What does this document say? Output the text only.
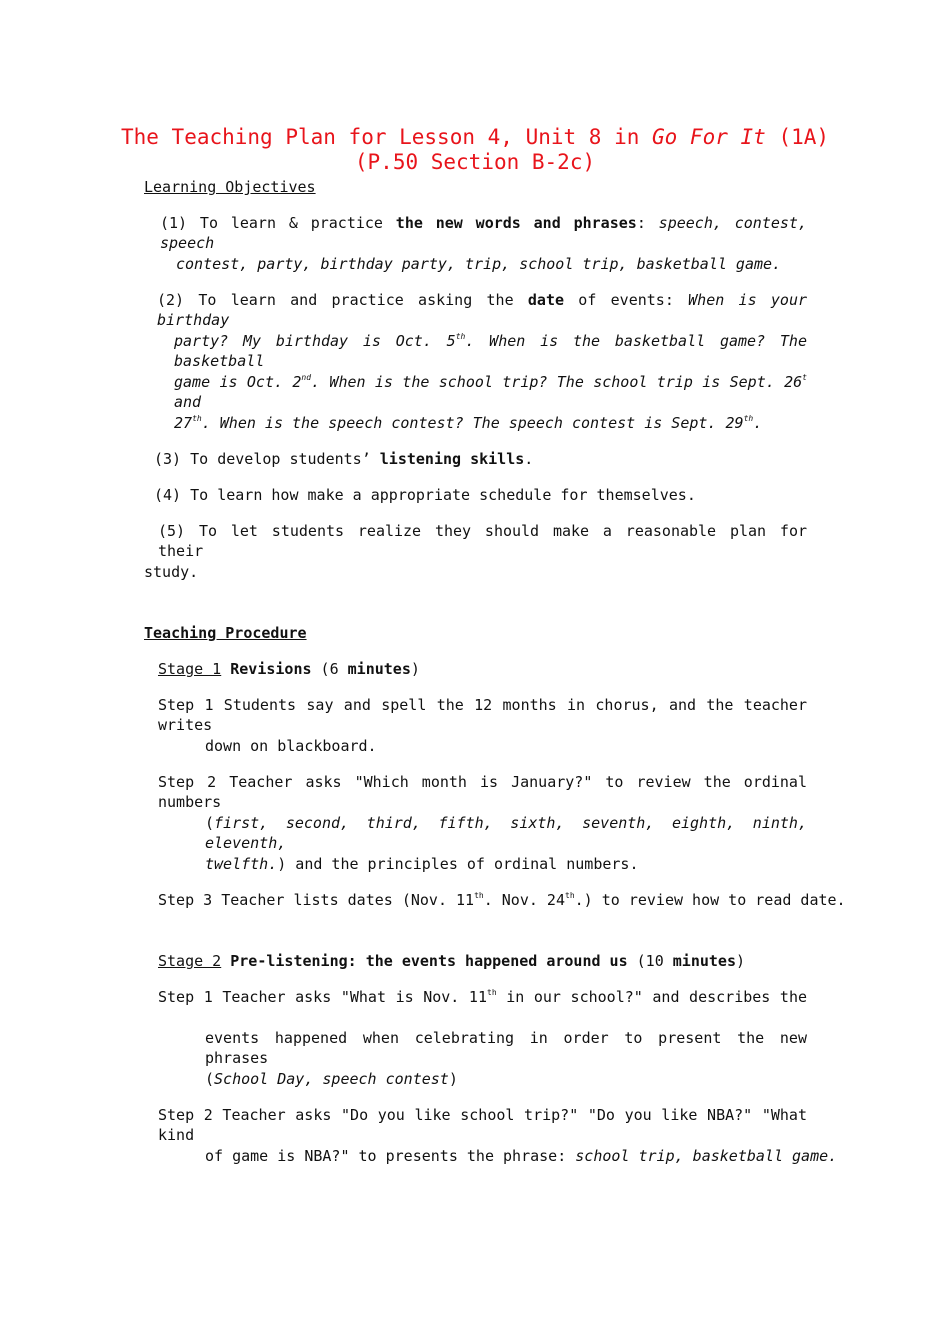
The Teaching Plan for Lesson 4, Unit 8 in Go For It (1A)
(P.50 Section B-2c)
Learning Objectives
(1) To learn & practice the new words and phrases: speech, contest, speech
contest, party, birthday party, trip, school trip, basketball game.
(2) To learn and practice asking the date of events: When is your birthday
party? My birthday is Oct. 5th. When is the basketball game? The basketball
game is Oct. 2nd. When is the school trip? The school trip is Sept. 26$^t$ and
27th. When is the speech contest? The speech contest is Sept. 29th.
(3) To develop students’ listening skills.
(4) To learn how make a appropriate schedule for themselves.
(5) To let students realize they should make a reasonable plan for their
study.
Teaching Procedure
Stage 1 Revisions (6 minutes)
Step 1 Students say and spell the 12 months in chorus, and the teacher writes
down on blackboard.
Step 2 Teacher asks "Which month is January?" to review the ordinal numbers
(first, second, third, fifth, sixth, seventh, eighth, ninth, eleventh,
twelfth.) and the principles of ordinal numbers.
Step 3 Teacher lists dates (Nov. 11th. Nov. 24th.) to review how to read date.
Stage 2 Pre-listening: the events happened around us (10 minutes)
Step 1 Teacher asks "What is Nov. 11th in our school?" and describes the
events happened when celebrating in order to present the new phrases
(School Day, speech contest)
Step 2 Teacher asks "Do you like school trip?" "Do you like NBA?" "What kind
of game is NBA?" to presents the phrase: school trip, basketball game.
